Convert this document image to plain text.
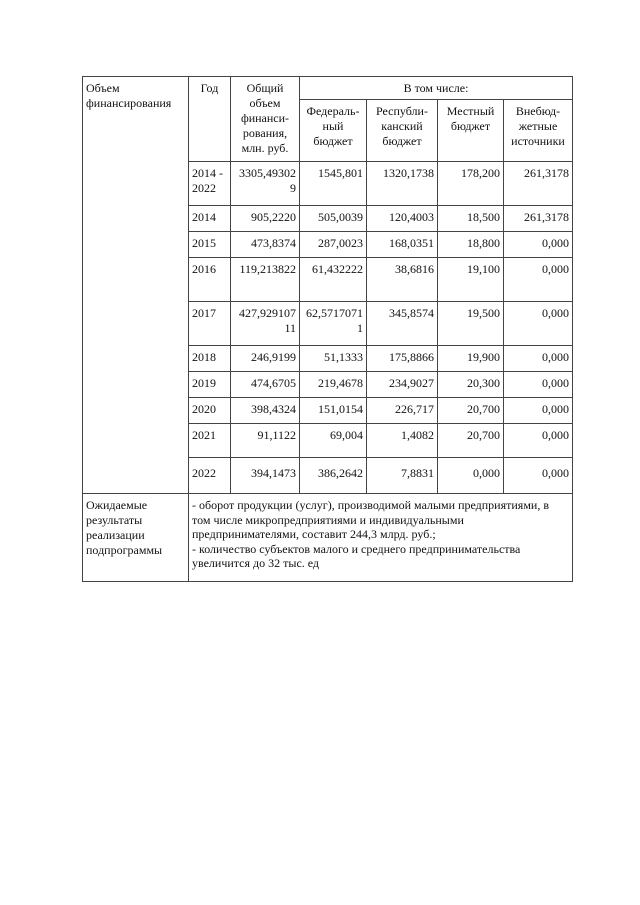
Объем финансирования	Год	Общий объем финанси-рования, млн. руб.	В том числе:			
			Федераль-ный бюджет	Республи-канский бюджет	Местный бюджет	Внебюд-жетные источники
	2014 - 2022	3305,493029	1545,801	1320,1738	178,200	261,3178
	2014	905,2220	505,0039	120,4003	18,500	261,3178
	2015	473,8374	287,0023	168,0351	18,800	0,000
	2016	119,213822	61,432222	38,6816	19,100	0,000
	2017	427,92910711	62,57170711	345,8574	19,500	0,000
	2018	246,9199	51,1333	175,8866	19,900	0,000
	2019	474,6705	219,4678	234,9027	20,300	0,000
	2020	398,4324	151,0154	226,717	20,700	0,000
	2021	91,1122	69,004	1,4082	20,700	0,000
	2022	394,1473	386,2642	7,8831	0,000	0,000
Ожидаемые результаты реализации подпрограммы	- оборот продукции (услуг), производимой малыми предприятиями, в том числе микропредприятиями и индивидуальными предпринимателями, составит 244,3 млрд. руб.;
- количество субъектов малого и среднего предпринимательства увеличится до 32 тыс. ед					
